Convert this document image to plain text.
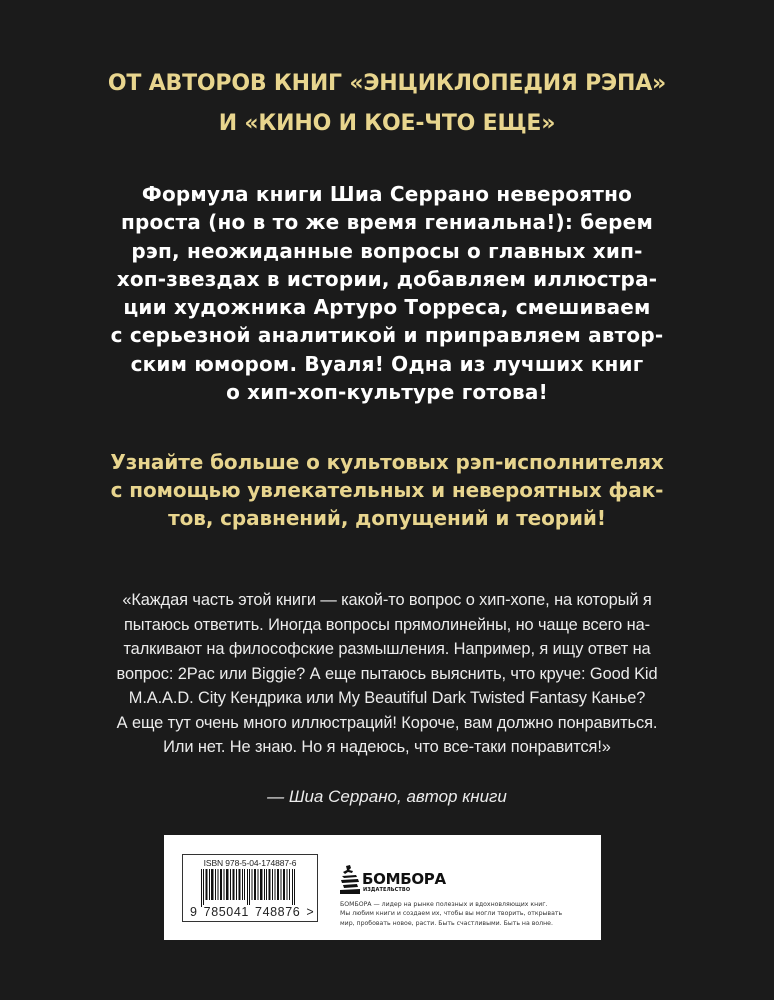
ОТ АВТОРОВ КНИГ «ЭНЦИКЛОПЕДИЯ РЭПА»
И «КИНО И КОЕ-ЧТО ЕЩЕ»
Формула книги Шиа Серрано невероятно
проста (но в то же время гениальна!): берем
рэп, неожиданные вопросы о главных хип-
хоп-звездах в истории, добавляем иллюстра-
ции художника Артуро Торреса, смешиваем
с серьезной аналитикой и приправляем автор-
ским юмором. Вуаля! Одна из лучших книг
о хип-хоп-культуре готова!
Узнайте больше о культовых рэп-исполнителях
с помощью увлекательных и невероятных фак-
тов, сравнений, допущений и теорий!
«Каждая часть этой книги — какой-то вопрос о хип-хопе, на который я
пытаюсь ответить. Иногда вопросы прямолинейны, но чаще всего на-
талкивают на философские размышления. Например, я ищу ответ на
вопрос: 2Pac или Biggie? А еще пытаюсь выяснить, что круче: Good Kid
M.A.A.D. City Кендрика или My Beautiful Dark Twisted Fantasy Канье?
А еще тут очень много иллюстраций! Короче, вам должно понравиться.
Или нет. Не знаю. Но я надеюсь, что все-таки понравится!»
— Шиа Серрано, автор книги
ISBN 978-5-04-174887-6
9 785041 748876 >
БОМБОРА
ИЗДАТЕЛЬСТВО
БОМБОРА — лидер на рынке полезных и вдохновляющих книг.
Мы любим книги и создаем их, чтобы вы могли творить, открывать
мир, пробовать новое, расти. Быть счастливыми. Быть на волне.
